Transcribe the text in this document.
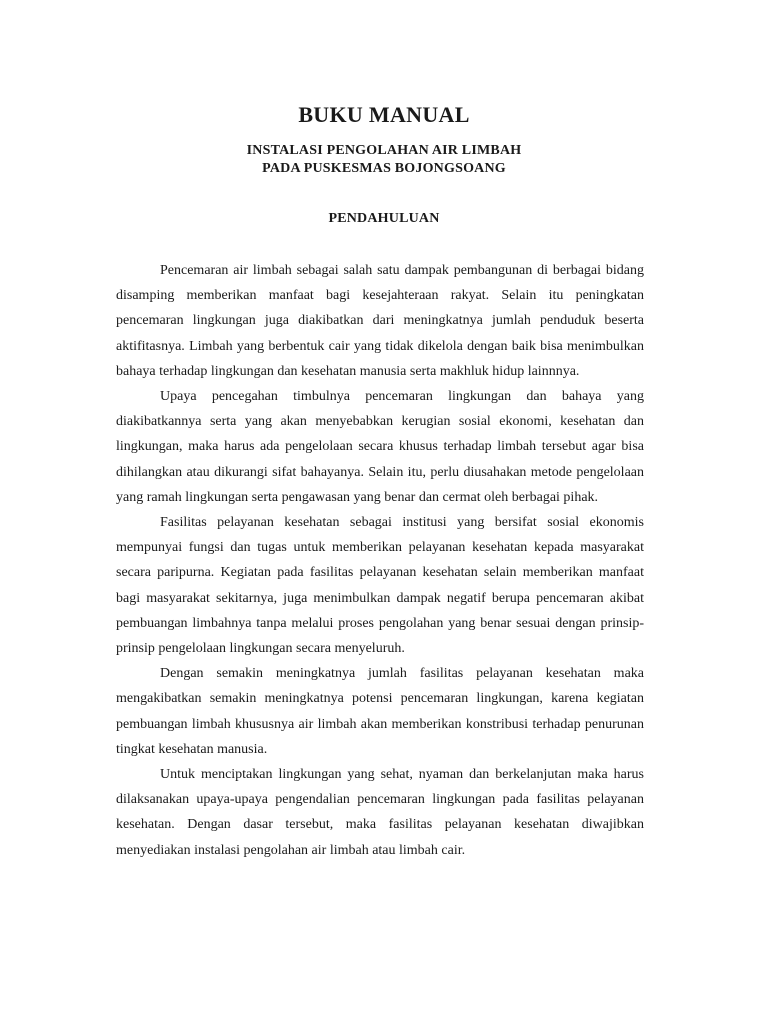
BUKU MANUAL
INSTALASI PENGOLAHAN AIR LIMBAH
PADA PUSKESMAS BOJONGSOANG
PENDAHULUAN

Pencemaran air limbah sebagai salah satu dampak pembangunan di berbagai bidang disamping memberikan manfaat bagi kesejahteraan rakyat. Selain itu peningkatan pencemaran lingkungan juga diakibatkan dari meningkatnya jumlah penduduk beserta aktifitasnya. Limbah yang berbentuk cair yang tidak dikelola dengan baik bisa menimbulkan bahaya terhadap lingkungan dan kesehatan manusia serta makhluk hidup lainnnya.

Upaya pencegahan timbulnya pencemaran lingkungan dan bahaya yang diakibatkannya serta yang akan menyebabkan kerugian sosial ekonomi, kesehatan dan lingkungan, maka harus ada pengelolaan secara khusus terhadap limbah tersebut agar bisa dihilangkan atau dikurangi sifat bahayanya. Selain itu, perlu diusahakan metode pengelolaan yang ramah lingkungan serta pengawasan yang benar dan cermat oleh berbagai pihak.

Fasilitas pelayanan kesehatan sebagai institusi yang bersifat sosial ekonomis mempunyai fungsi dan tugas untuk memberikan pelayanan kesehatan kepada masyarakat secara paripurna. Kegiatan pada fasilitas pelayanan kesehatan selain memberikan manfaat bagi masyarakat sekitarnya, juga menimbulkan dampak negatif berupa pencemaran akibat pembuangan limbahnya tanpa melalui proses pengolahan yang benar sesuai dengan prinsip-prinsip pengelolaan lingkungan secara menyeluruh.

Dengan semakin meningkatnya jumlah fasilitas pelayanan kesehatan maka mengakibatkan semakin meningkatnya potensi pencemaran lingkungan, karena kegiatan pembuangan limbah khususnya air limbah akan memberikan konstribusi terhadap penurunan tingkat kesehatan manusia.

Untuk menciptakan lingkungan yang sehat, nyaman dan berkelanjutan maka harus dilaksanakan upaya-upaya pengendalian pencemaran lingkungan pada fasilitas pelayanan kesehatan. Dengan dasar tersebut, maka fasilitas pelayanan kesehatan diwajibkan menyediakan instalasi pengolahan air limbah atau limbah cair.
